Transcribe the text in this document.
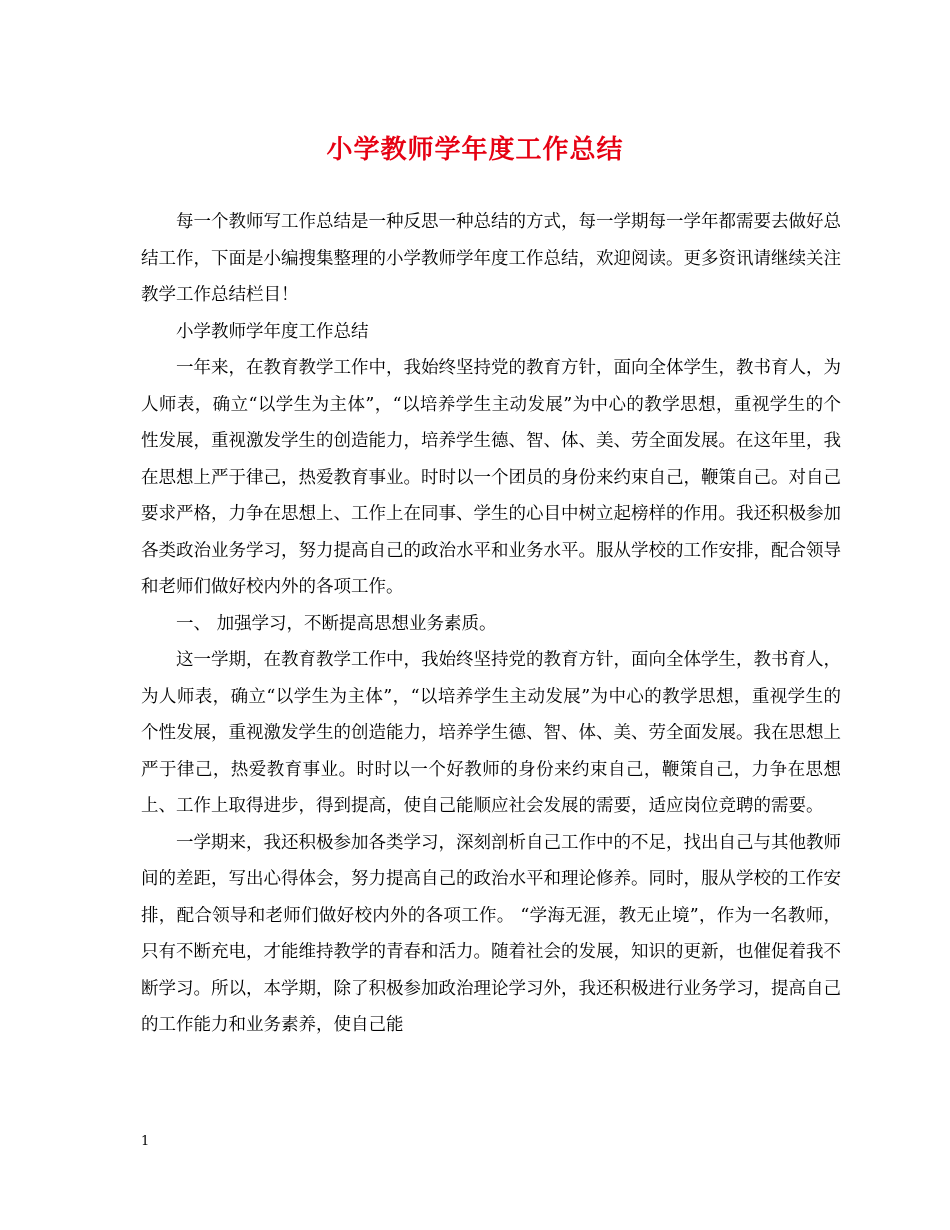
小学教师学年度工作总结

每一个教师写工作总结是一种反思一种总结的方式，每一学期每一学年都需要去做好总结工作，下面是小编搜集整理的小学教师学年度工作总结，欢迎阅读。更多资讯请继续关注教学工作总结栏目！

小学教师学年度工作总结

一年来，在教育教学工作中，我始终坚持党的教育方针，面向全体学生，教书育人，为人师表，确立“以学生为主体”，“以培养学生主动发展”为中心的教学思想，重视学生的个性发展，重视激发学生的创造能力，培养学生德、智、体、美、劳全面发展。在这年里，我在思想上严于律己，热爱教育事业。时时以一个团员的身份来约束自己，鞭策自己。对自己要求严格，力争在思想上、工作上在同事、学生的心目中树立起榜样的作用。我还积极参加各类政治业务学习，努力提高自己的政治水平和业务水平。服从学校的工作安排，配合领导和老师们做好校内外的各项工作。

一、 加强学习，不断提高思想业务素质。

这一学期，在教育教学工作中，我始终坚持党的教育方针，面向全体学生，教书育人，为人师表，确立“以学生为主体”，“以培养学生主动发展”为中心的教学思想，重视学生的个性发展，重视激发学生的创造能力，培养学生德、智、体、美、劳全面发展。我在思想上严于律己，热爱教育事业。时时以一个好教师的身份来约束自己，鞭策自己，力争在思想上、工作上取得进步，得到提高，使自己能顺应社会发展的需要，适应岗位竞聘的需要。

一学期来，我还积极参加各类学习，深刻剖析自己工作中的不足，找出自己与其他教师间的差距，写出心得体会，努力提高自己的政治水平和理论修养。同时，服从学校的工作安排，配合领导和老师们做好校内外的各项工作。 “学海无涯，教无止境”，作为一名教师，只有不断充电，才能维持教学的青春和活力。随着社会的发展，知识的更新，也催促着我不断学习。所以，本学期，除了积极参加政治理论学习外，我还积极进行业务学习，提高自己的工作能力和业务素养，使自己能

1
